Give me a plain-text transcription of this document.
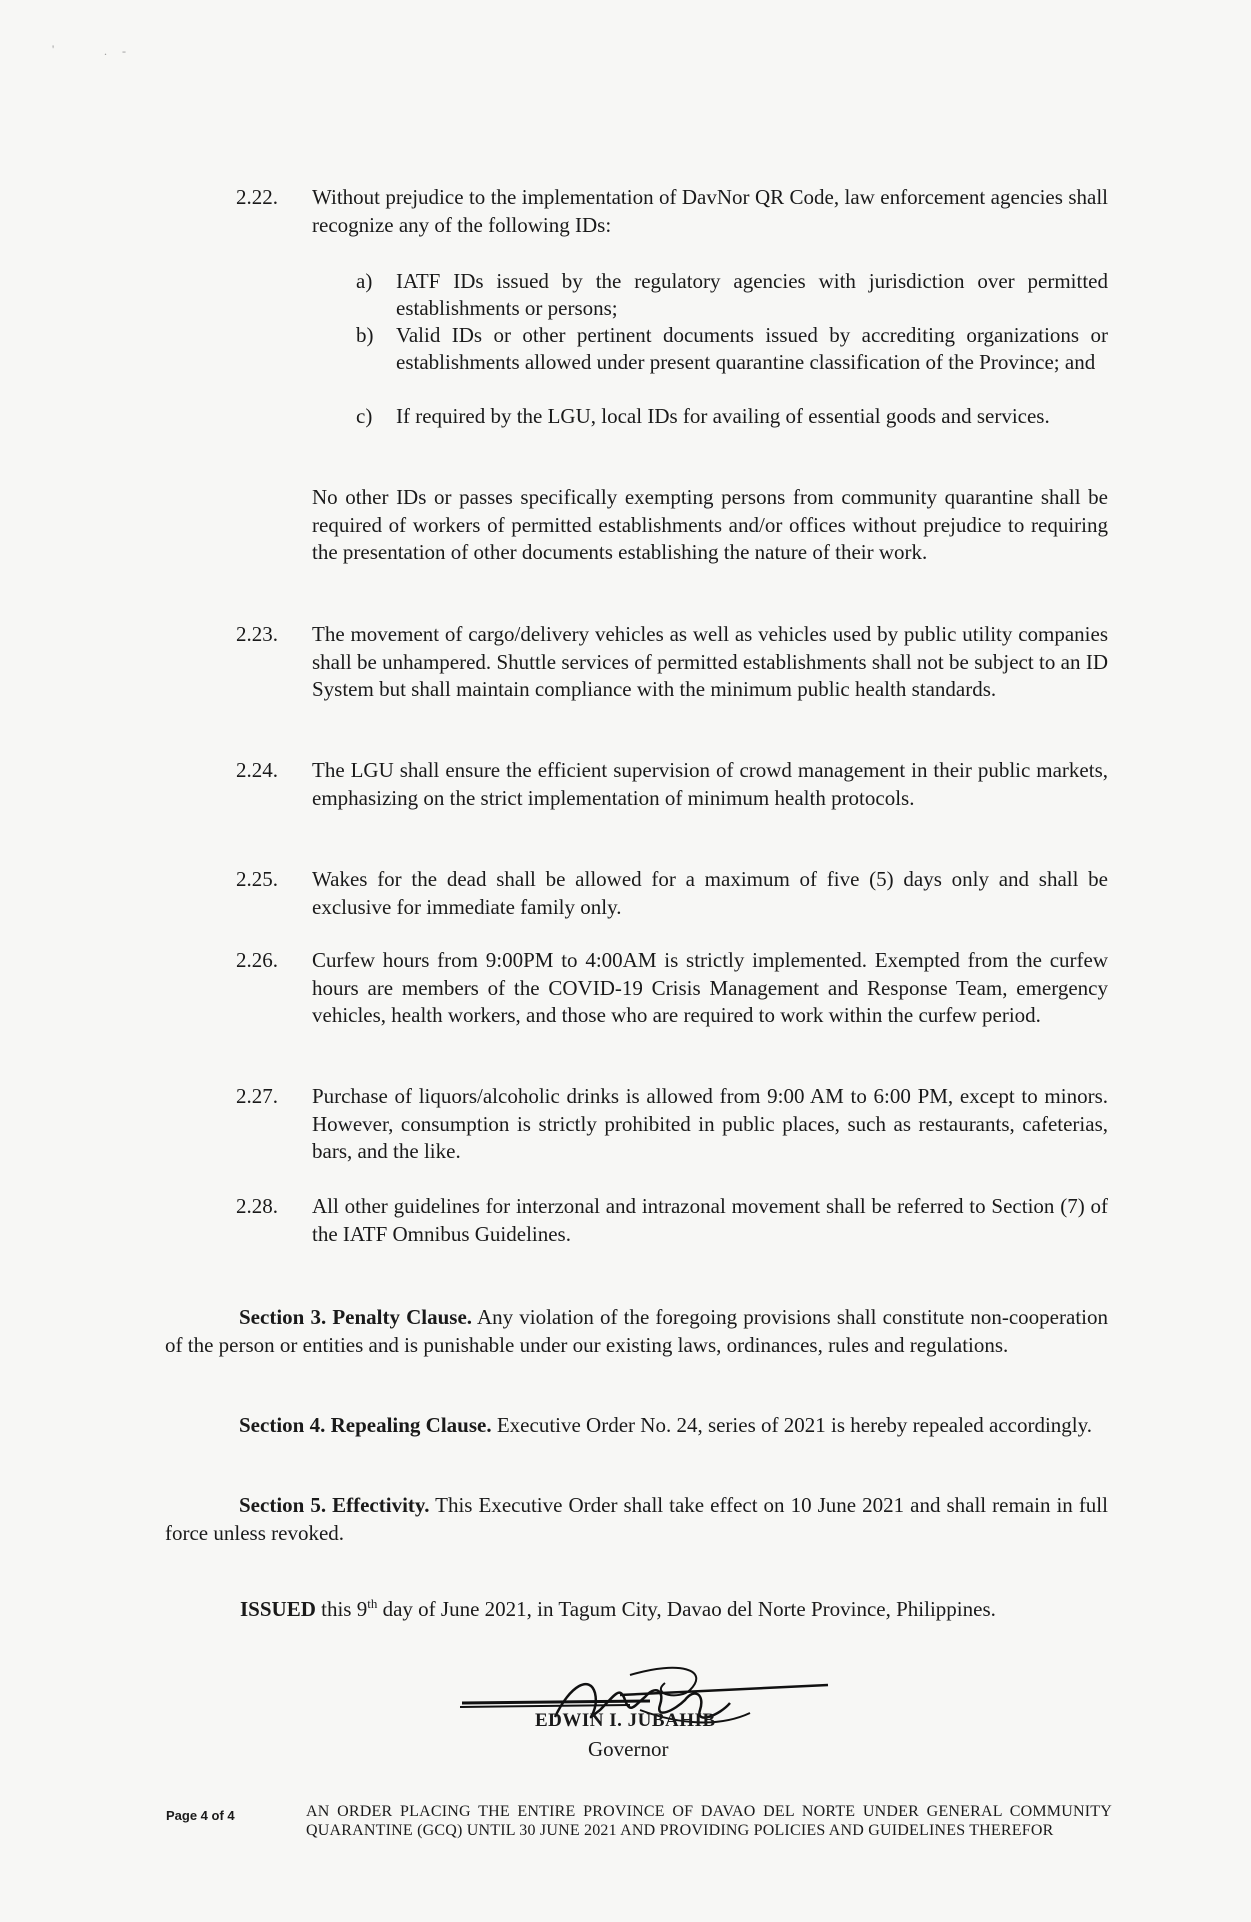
'	. -
2.22.	Without prejudice to the implementation of DavNor QR Code, law enforcement agencies shall recognize any of the following IDs:
a)	IATF IDs issued by the regulatory agencies with jurisdiction over permitted establishments or persons;
b)	Valid IDs or other pertinent documents issued by accrediting organizations or establishments allowed under present quarantine classification of the Province; and
c)	If required by the LGU, local IDs for availing of essential goods and services.
No other IDs or passes specifically exempting persons from community quarantine shall be required of workers of permitted establishments and/or offices without prejudice to requiring the presentation of other documents establishing the nature of their work.
2.23.	The movement of cargo/delivery vehicles as well as vehicles used by public utility companies shall be unhampered. Shuttle services of permitted establishments shall not be subject to an ID System but shall maintain compliance with the minimum public health standards.
2.24.	The LGU shall ensure the efficient supervision of crowd management in their public markets, emphasizing on the strict implementation of minimum health protocols.
2.25.	Wakes for the dead shall be allowed for a maximum of five (5) days only and shall be exclusive for immediate family only.
2.26.	Curfew hours from 9:00PM to 4:00AM is strictly implemented. Exempted from the curfew hours are members of the COVID-19 Crisis Management and Response Team, emergency vehicles, health workers, and those who are required to work within the curfew period.
2.27.	Purchase of liquors/alcoholic drinks is allowed from 9:00 AM to 6:00 PM, except to minors. However, consumption is strictly prohibited in public places, such as restaurants, cafeterias, bars, and the like.
2.28.	All other guidelines for interzonal and intrazonal movement shall be referred to Section (7) of the IATF Omnibus Guidelines.
Section 3. Penalty Clause. Any violation of the foregoing provisions shall constitute non-cooperation of the person or entities and is punishable under our existing laws, ordinances, rules and regulations.
Section 4. Repealing Clause. Executive Order No. 24, series of 2021 is hereby repealed accordingly.
Section 5. Effectivity. This Executive Order shall take effect on 10 June 2021 and shall remain in full force unless revoked.
ISSUED this 9th day of June 2021, in Tagum City, Davao del Norte Province, Philippines.
EDWIN I. JUBAHIB
Governor
Page 4 of 4	AN ORDER PLACING THE ENTIRE PROVINCE OF DAVAO DEL NORTE UNDER GENERAL COMMUNITY QUARANTINE (GCQ) UNTIL 30 JUNE 2021 AND PROVIDING POLICIES AND GUIDELINES THEREFOR
